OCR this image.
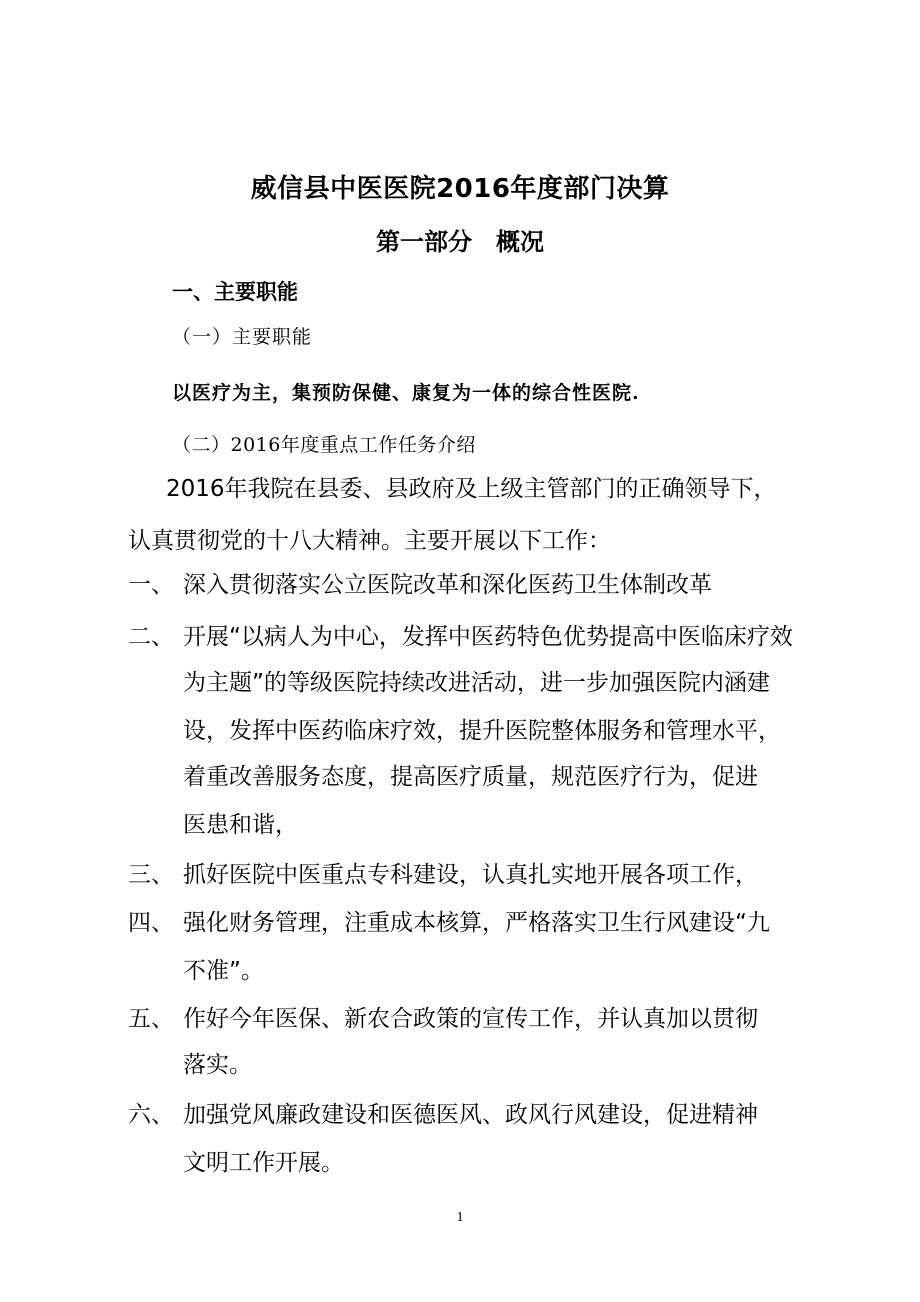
威信县中医医院2016年度部门决算
第一部分　概况
一、主要职能
（一）主要职能
以医疗为主，集预防保健、康复为一体的综合性医院.
（二）2016年度重点工作任务介绍
2016年我院在县委、县政府及上级主管部门的正确领导下，
认真贯彻党的十八大精神。主要开展以下工作：
一、 深入贯彻落实公立医院改革和深化医药卫生体制改革
二、 开展“以病人为中心，发挥中医药特色优势提高中医临床疗效
为主题”的等级医院持续改进活动，进一步加强医院内涵建
设，发挥中医药临床疗效，提升医院整体服务和管理水平，
着重改善服务态度，提高医疗质量，规范医疗行为，促进
医患和谐，
三、 抓好医院中医重点专科建设，认真扎实地开展各项工作，
四、 强化财务管理，注重成本核算，严格落实卫生行风建设“九
不准”。
五、 作好今年医保、新农合政策的宣传工作，并认真加以贯彻
落实。
六、 加强党风廉政建设和医德医风、政风行风建设，促进精神
文明工作开展。
1
